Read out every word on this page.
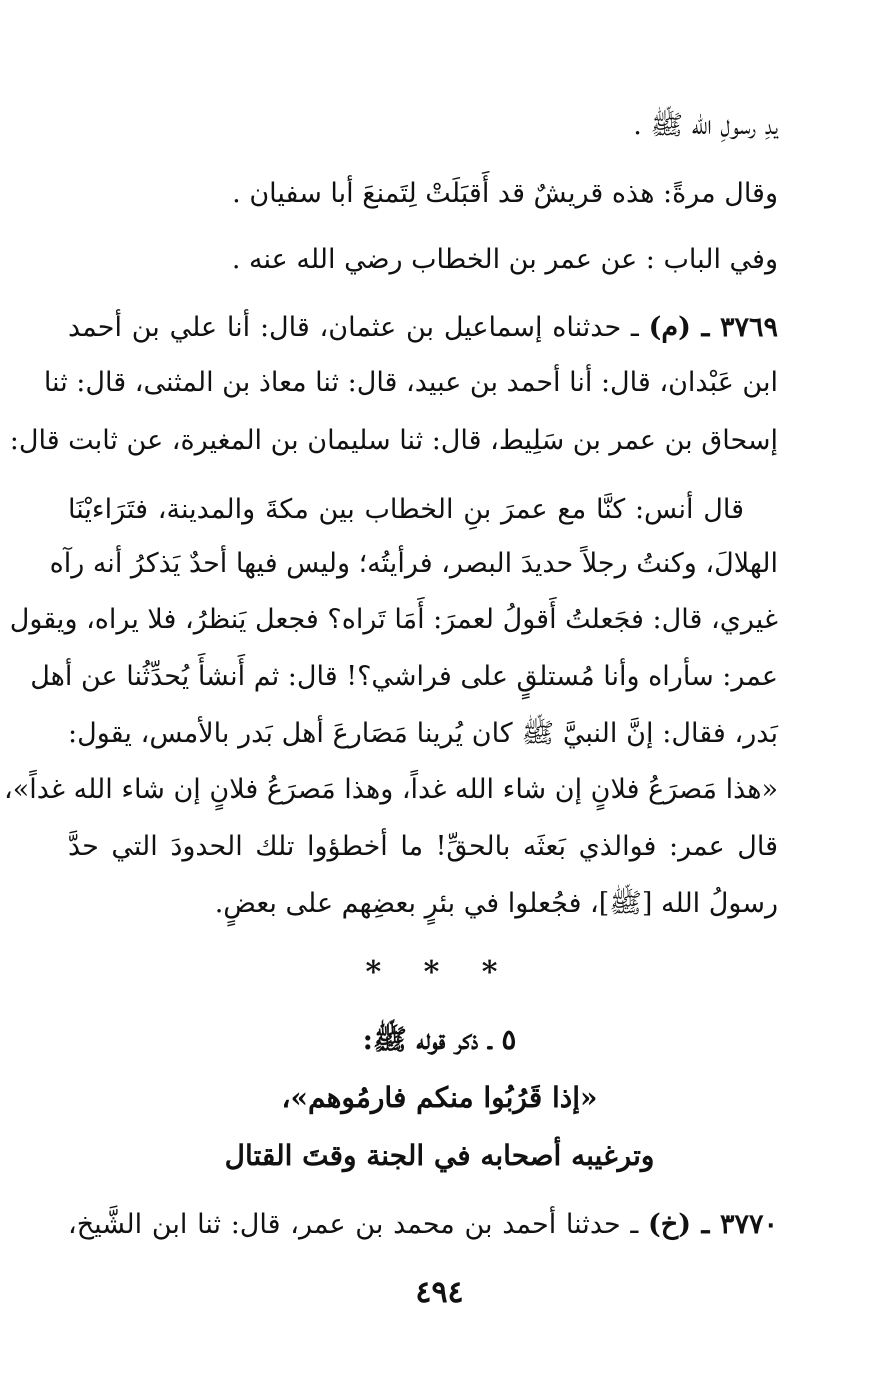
يدِ رسولِ الله ﷺ .
وقال مرةً: هذه قريشٌ قد أَقبَلَتْ لِتَمنعَ أبا سفيان .
وفي الباب : عن عمر بن الخطاب رضي الله عنه .
٣٧٦٩ ـ (م) ـ حدثناه إسماعيل بن عثمان، قال: أنا علي بن أحمد
ابن عَبْدان، قال: أنا أحمد بن عبيد، قال: ثنا معاذ بن المثنى، قال: ثنا
إسحاق بن عمر بن سَلِيط، قال: ثنا سليمان بن المغيرة، عن ثابت قال:
قال أنس: كنَّا مع عمرَ بنِ الخطاب بين مكةَ والمدينة، فتَرَاءيْنَا
الهلالَ، وكنتُ رجلاً حديدَ البصر، فرأيتُه؛ وليس فيها أحدٌ يَذكرُ أنه رآه
غيري، قال: فجَعلتُ أَقولُ لعمرَ: أَمَا تَراه؟ فجعل يَنظرُ، فلا يراه، ويقول
عمر: سأراه وأنا مُستلقٍ على فراشي؟! قال: ثم أَنشأَ يُحدِّثُنا عن أهل
بَدر، فقال: إنَّ النبيَّ ﷺ كان يُرينا مَصَارعَ أهل بَدر بالأمس، يقول:
«هذا مَصرَعُ فلانٍ إن شاء الله غداً، وهذا مَصرَعُ فلانٍ إن شاء الله غداً»،
قال عمر: فوالذي بَعثَه بالحقِّ! ما أخطؤوا تلك الحدودَ التي حدَّ
رسولُ الله [ﷺ]، فجُعلوا في بئرٍ بعضِهم على بعضٍ.
* * *
٥ ـ ذكر قوله ﷺ:
«إذا قَرُبُوا منكم فارمُوهم»،
وترغيبه أصحابه في الجنة وقتَ القتال
٣٧٧٠ ـ (خ) ـ حدثنا أحمد بن محمد بن عمر، قال: ثنا ابن الشَّيخ،
٤٩٤
